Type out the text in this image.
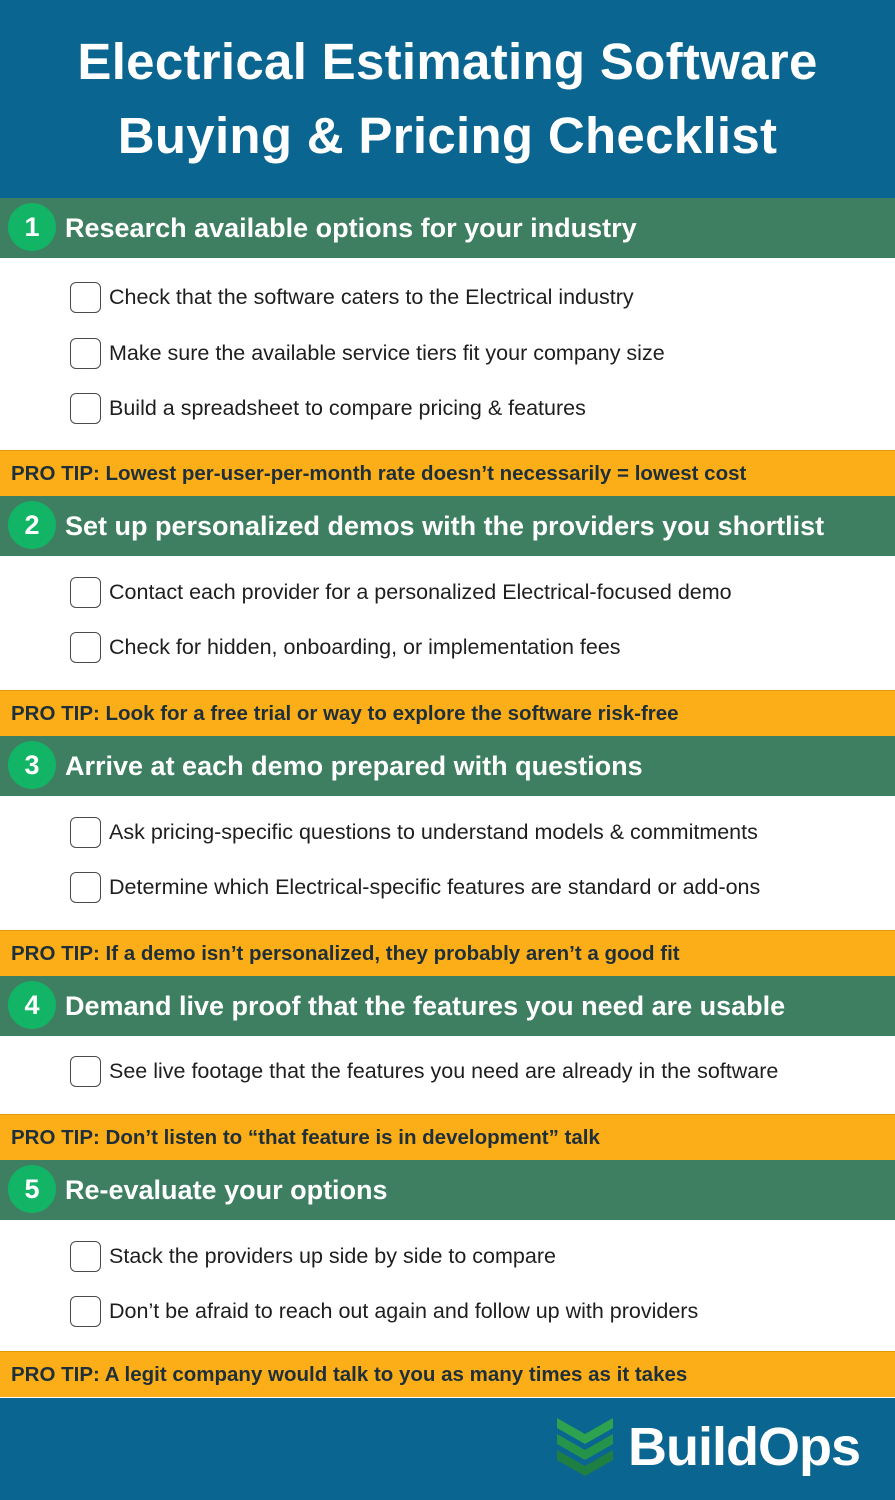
Electrical Estimating Software
Buying & Pricing Checklist
1 Research available options for your industry
Check that the software caters to the Electrical industry
Make sure the available service tiers fit your company size
Build a spreadsheet to compare pricing & features
PRO TIP: Lowest per-user-per-month rate doesn’t necessarily = lowest cost
2 Set up personalized demos with the providers you shortlist
Contact each provider for a personalized Electrical-focused demo
Check for hidden, onboarding, or implementation fees
PRO TIP: Look for a free trial or way to explore the software risk-free
3 Arrive at each demo prepared with questions
Ask pricing-specific questions to understand models & commitments
Determine which Electrical-specific features are standard or add-ons
PRO TIP: If a demo isn’t personalized, they probably aren’t a good fit
4 Demand live proof that the features you need are usable
See live footage that the features you need are already in the software
PRO TIP: Don’t listen to “that feature is in development” talk
5 Re-evaluate your options
Stack the providers up side by side to compare
Don’t be afraid to reach out again and follow up with providers
PRO TIP: A legit company would talk to you as many times as it takes
BuildOps
